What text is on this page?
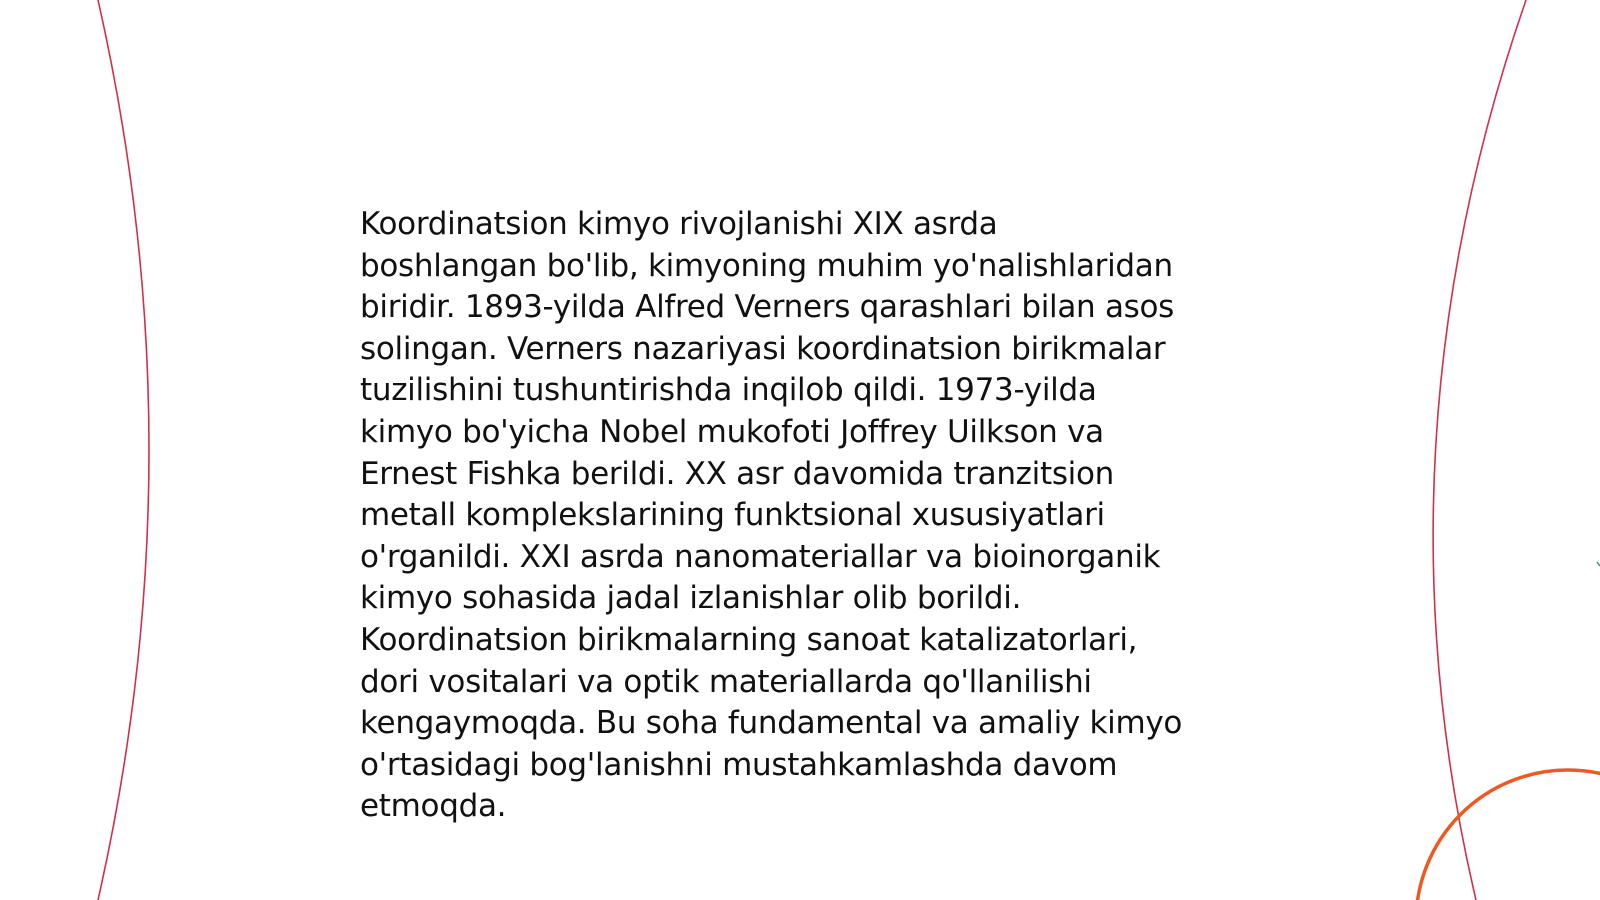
Koordinatsion kimyo rivojlanishi XIX asrda
boshlangan bo'lib, kimyoning muhim yo'nalishlaridan
biridir. 1893-yilda Alfred Verners qarashlari bilan asos
solingan. Verners nazariyasi koordinatsion birikmalar
tuzilishini tushuntirishda inqilob qildi. 1973-yilda
kimyo bo'yicha Nobel mukofoti Joffrey Uilkson va
Ernest Fishka berildi. XX asr davomida tranzitsion
metall komplekslarining funktsional xususiyatlari
o'rganildi. XXI asrda nanomateriallar va bioinorganik
kimyo sohasida jadal izlanishlar olib borildi.
Koordinatsion birikmalarning sanoat katalizatorlari,
dori vositalari va optik materiallarda qo'llanilishi
kengaymoqda. Bu soha fundamental va amaliy kimyo
o'rtasidagi bog'lanishni mustahkamlashda davom
etmoqda.
